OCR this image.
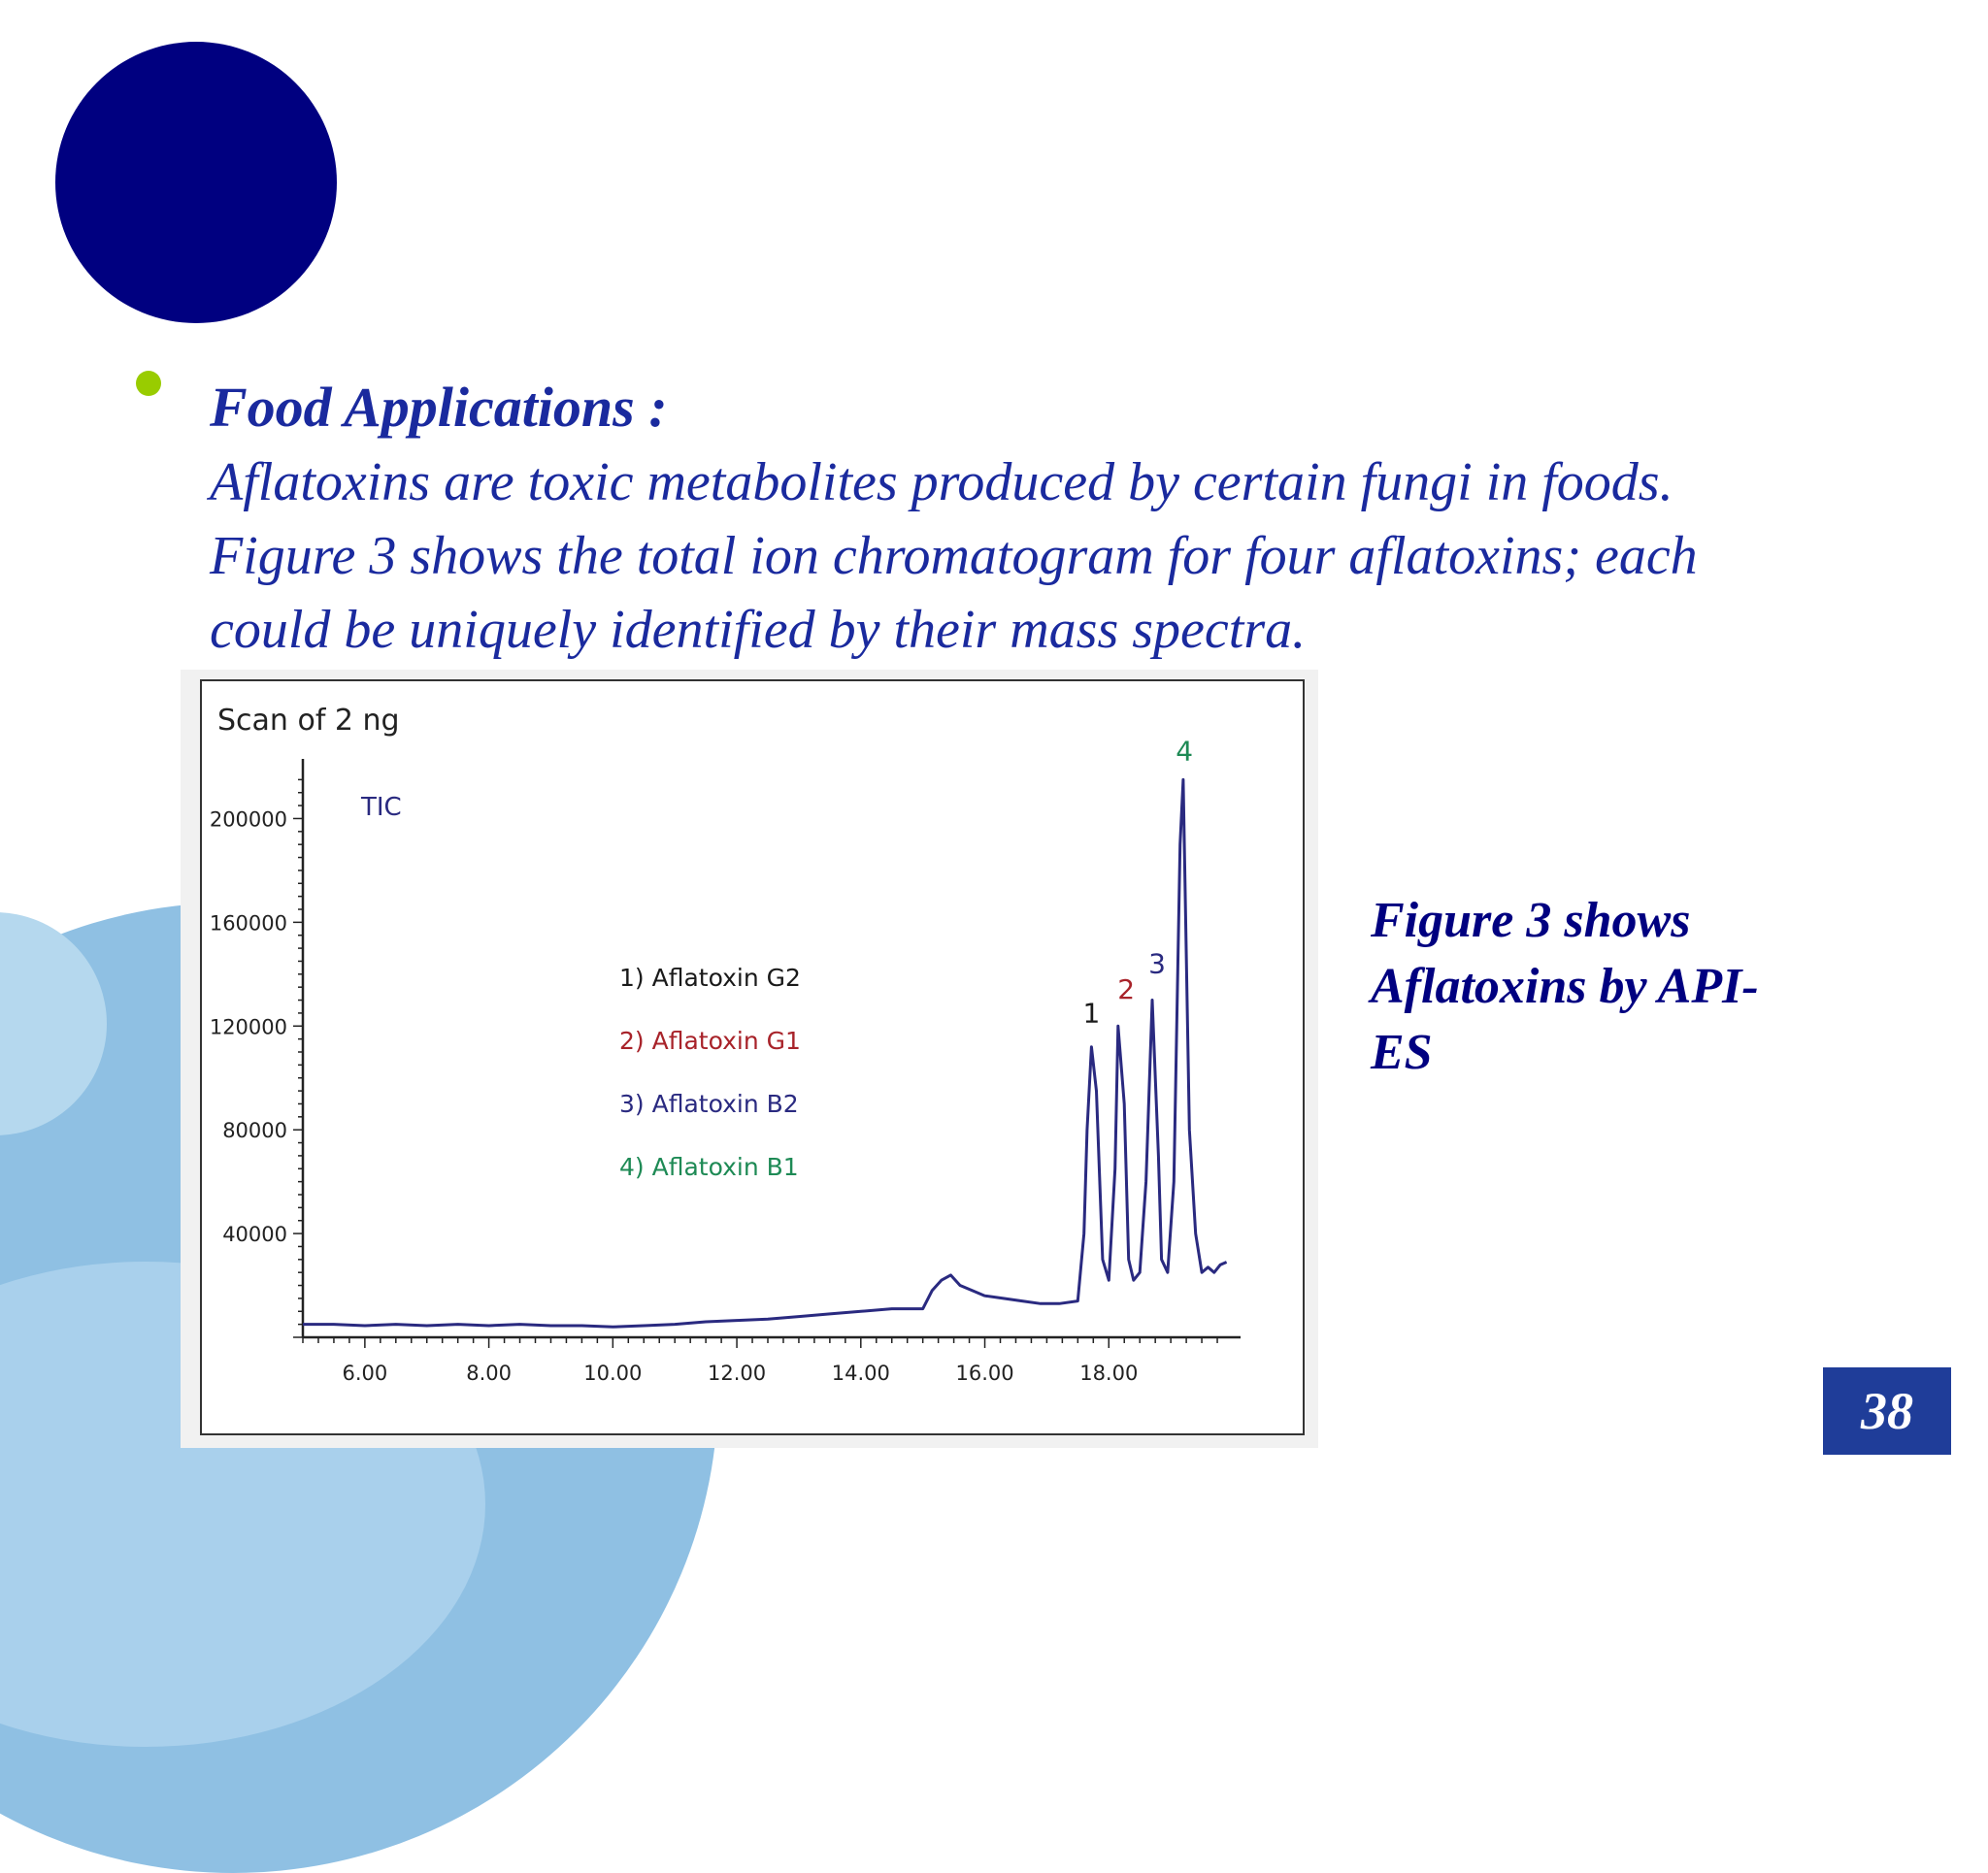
Food Applications :
Aflatoxins are toxic metabolites produced by certain fungi in foods.
Figure 3 shows the total ion chromatogram for four aflatoxins; each
could be uniquely identified by their mass spectra.
Scan of 2 ng
TIC
40000
80000
120000
160000
200000
6.00	8.00	10.00	12.00	14.00	16.00	18.00
1) Aflatoxin G2
2) Aflatoxin G1
3) Aflatoxin B2
4) Aflatoxin B1
1
2
3
4
Figure 3 shows
Aflatoxins by API-
ES
38
